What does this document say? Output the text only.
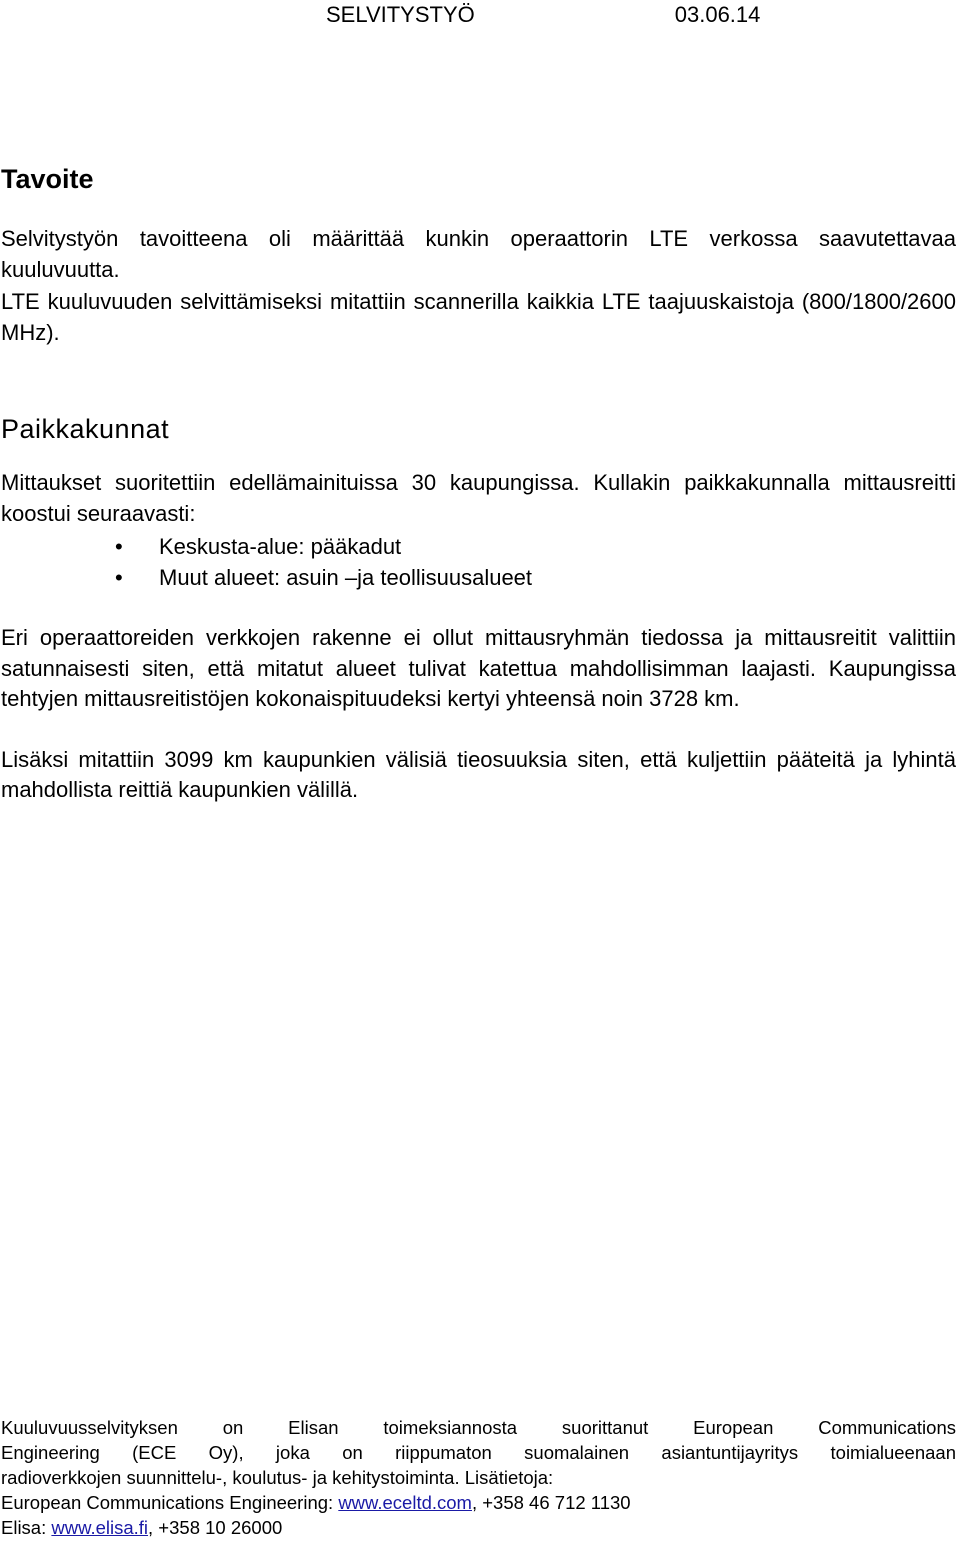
SELVITYSTYÖ	03.06.14
Tavoite

Selvitystyön tavoitteena oli määrittää kunkin operaattorin LTE verkossa saavutettavaa kuuluvuutta.

LTE kuuluvuuden selvittämiseksi mitattiin scannerilla kaikkia LTE taajuuskaistoja (800/1800/2600 MHz).

Paikkakunnat

Mittaukset suoritettiin edellämainituissa 30 kaupungissa. Kullakin paikkakunnalla mittausreitti koostui seuraavasti:

• Keskusta-alue: pääkadut
• Muut alueet: asuin –ja teollisuusalueet

Eri operaattoreiden verkkojen rakenne ei ollut mittausryhmän tiedossa ja mittausreitit valittiin satunnaisesti siten, että mitatut alueet tulivat katettua mahdollisimman laajasti. Kaupungissa tehtyjen mittausreitistöjen kokonaispituudeksi kertyi yhteensä noin 3728 km.

Lisäksi mitattiin 3099 km kaupunkien välisiä tieosuuksia siten, että kuljettiin pääteitä ja lyhintä mahdollista reittiä kaupunkien välillä.

Kuuluvuusselvityksen on Elisan toimeksiannosta suorittanut European Communications
Engineering (ECE Oy), joka on riippumaton suomalainen asiantuntijayritys toimialueenaan
radioverkkojen suunnittelu-, koulutus- ja kehitystoiminta. Lisätietoja:
European Communications Engineering: www.eceltd.com, +358 46 712 1130
Elisa: www.elisa.fi, +358 10 26000
